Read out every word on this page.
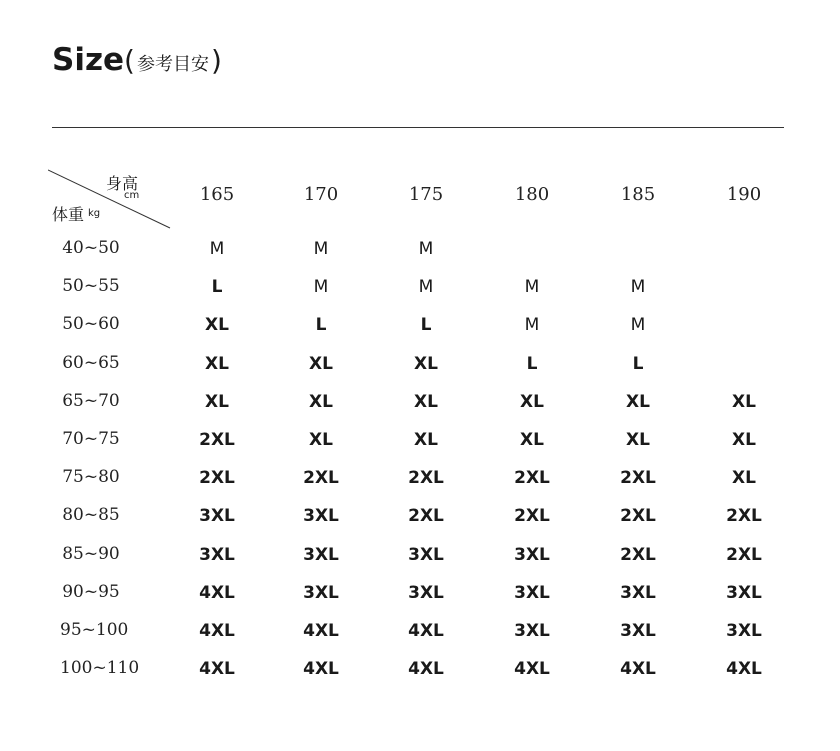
Size ( 参考目安 )
身高
cm
体重 kg
165	170	175	180	185	190
40~50	M	M	M
50~55	L	M	M	M	M
50~60	XL	L	L	M	M
60~65	XL	XL	XL	L	L
65~70	XL	XL	XL	XL	XL	XL
70~75	2XL	XL	XL	XL	XL	XL
75~80	2XL	2XL	2XL	2XL	2XL	XL
80~85	3XL	3XL	2XL	2XL	2XL	2XL
85~90	3XL	3XL	3XL	3XL	2XL	2XL
90~95	4XL	3XL	3XL	3XL	3XL	3XL
95~100	4XL	4XL	4XL	3XL	3XL	3XL
100~110	4XL	4XL	4XL	4XL	4XL	4XL
